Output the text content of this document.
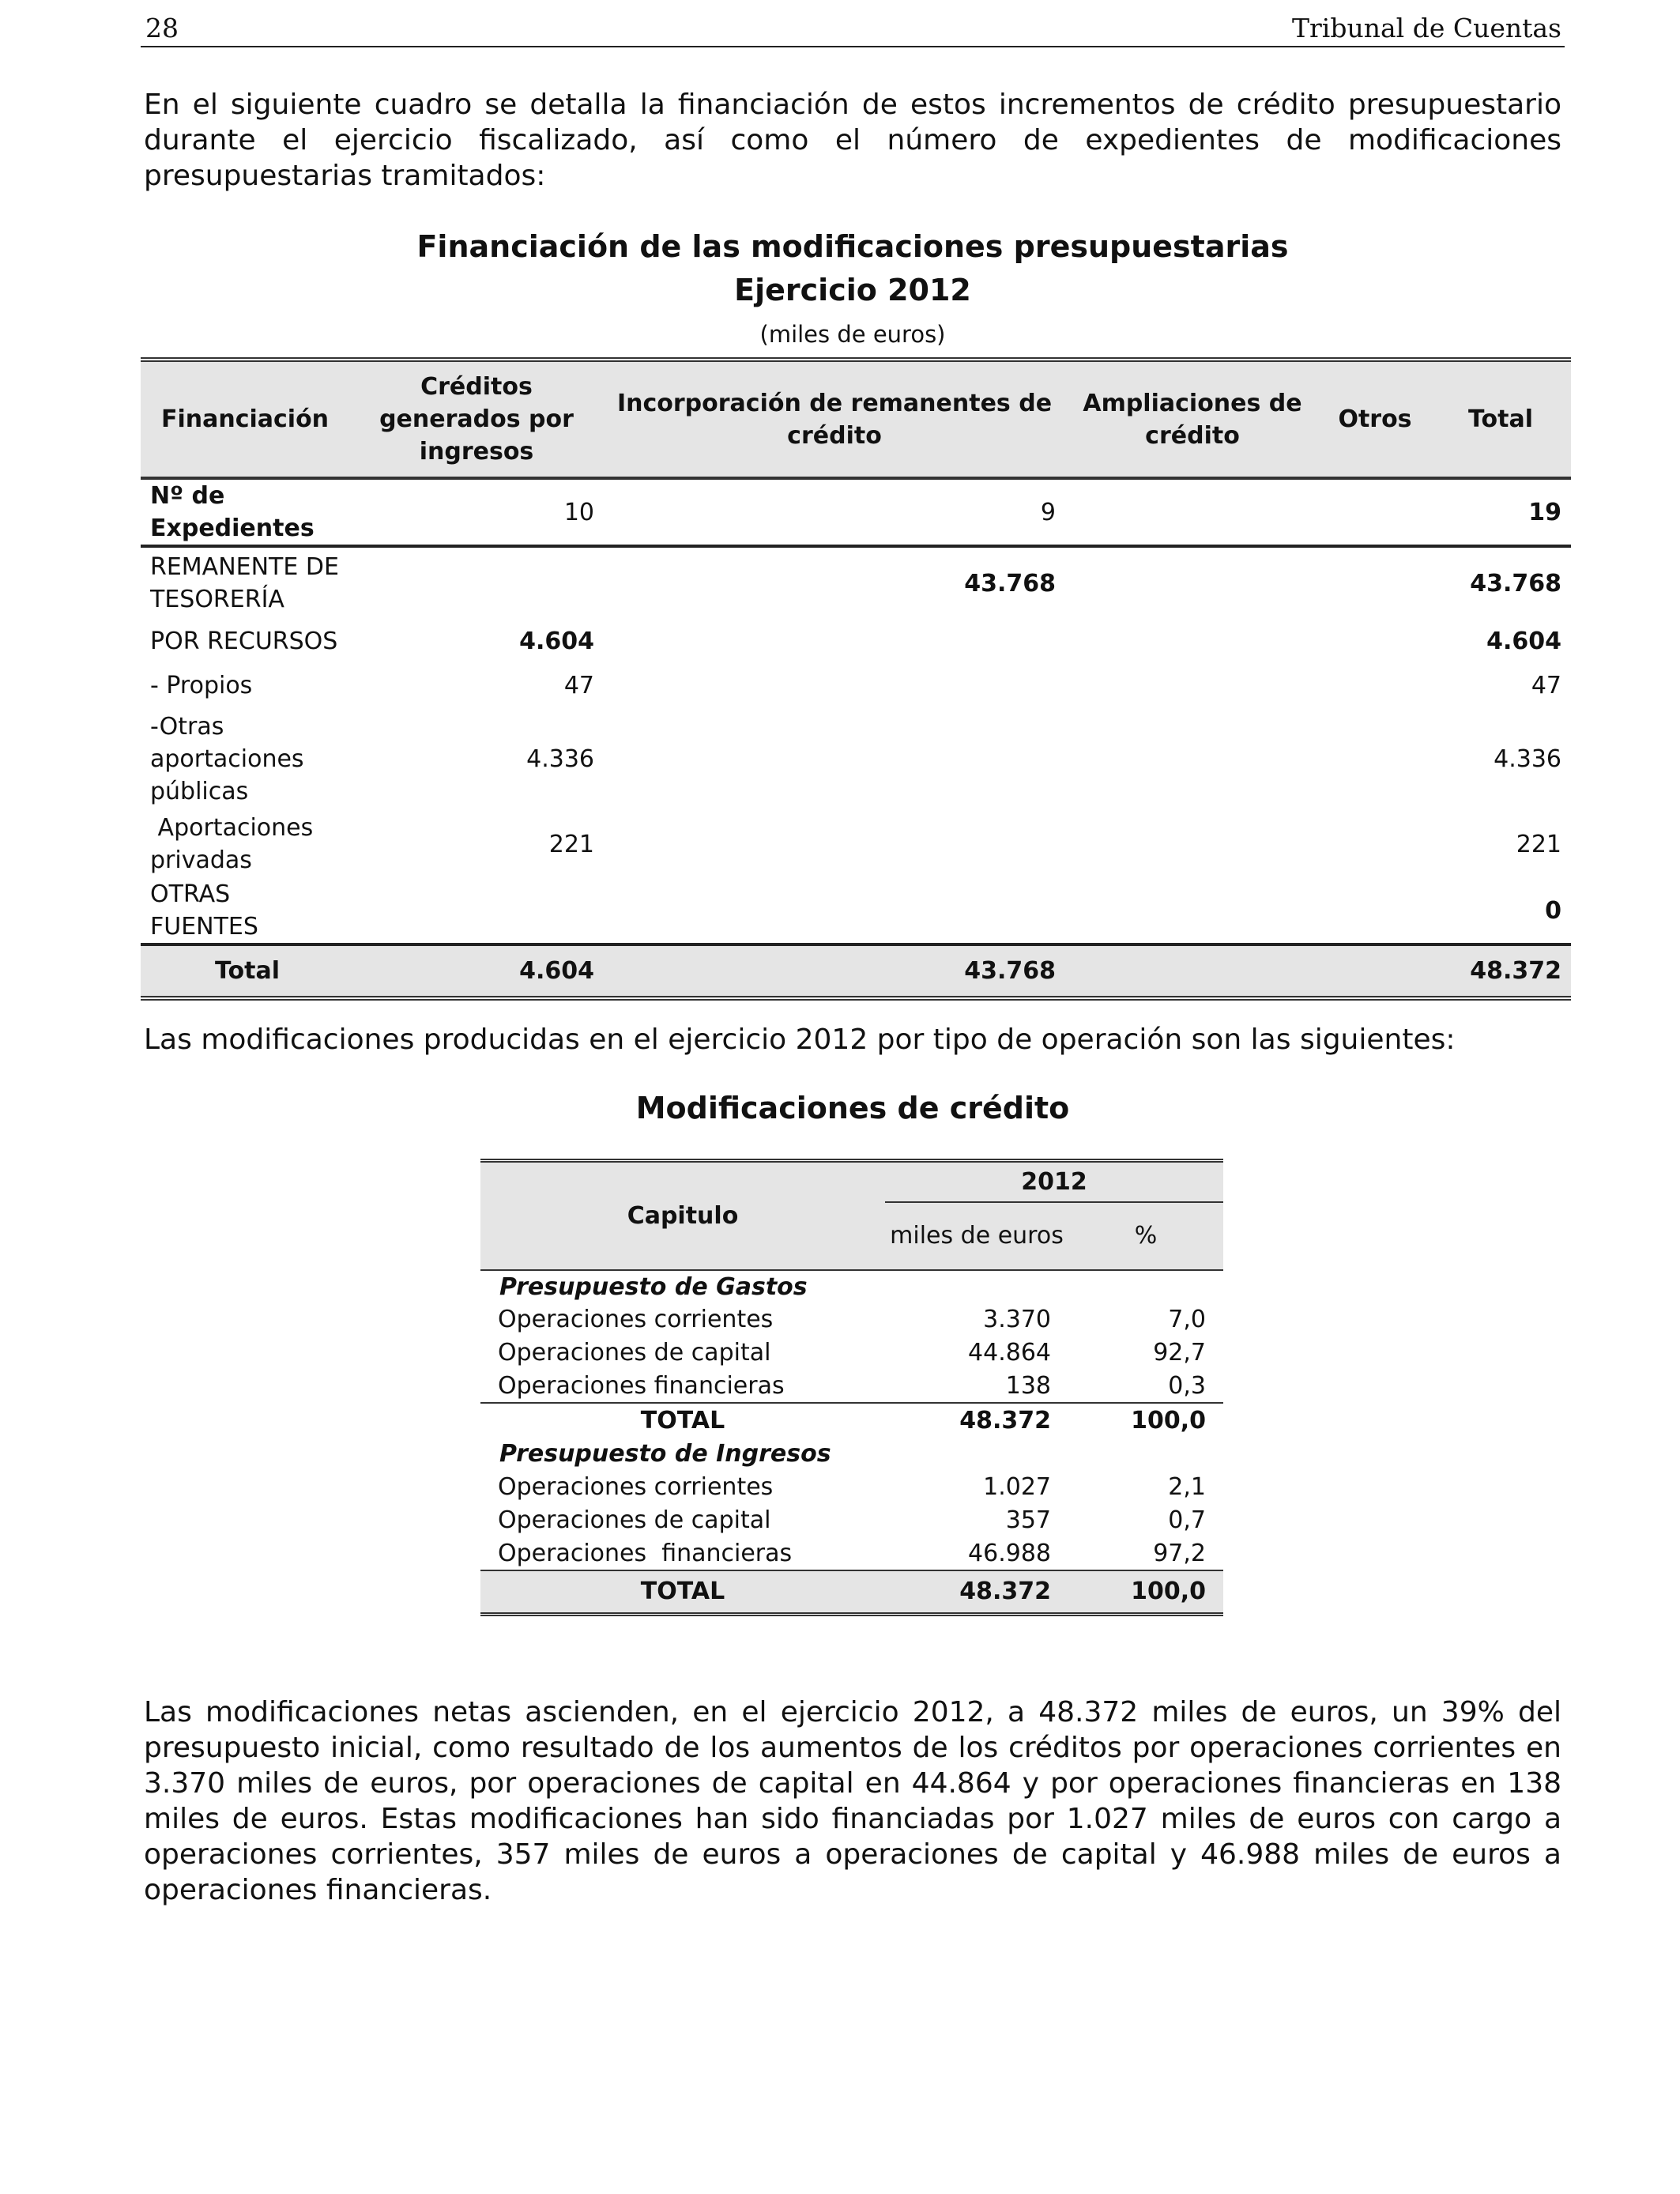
28	Tribunal de Cuentas
En el siguiente cuadro se detalla la financiación de estos incrementos de crédito presupuestario durante el ejercicio fiscalizado, así como el número de expedientes de modificaciones presupuestarias tramitados:
Financiación de las modificaciones presupuestarias
Ejercicio 2012
(miles de euros)
Financiación	Créditos generados por ingresos	Incorporación de remanentes de crédito	Ampliaciones de crédito	Otros	Total
Nº de Expedientes	10	9			19
REMANENTE DE TESORERÍA		43.768			43.768
POR RECURSOS	4.604				4.604
- Propios	47				47
-Otras aportaciones públicas	4.336				4.336
Aportaciones privadas	221				221
OTRAS FUENTES					0
Total	4.604	43.768			48.372
Las modificaciones producidas en el ejercicio 2012 por tipo de operación son las siguientes:
Modificaciones de crédito
Capitulo	2012	
	miles de euros	%
Presupuesto de Gastos		
Operaciones corrientes	3.370	7,0
Operaciones de capital	44.864	92,7
Operaciones financieras	138	0,3
TOTAL	48.372	100,0
Presupuesto de Ingresos		
Operaciones corrientes	1.027	2,1
Operaciones de capital	357	0,7
Operaciones  financieras	46.988	97,2
TOTAL	48.372	100,0
Las modificaciones netas ascienden, en el ejercicio 2012, a 48.372 miles de euros, un 39% del presupuesto inicial, como resultado de los aumentos de los créditos por operaciones corrientes en 3.370 miles de euros, por operaciones de capital en 44.864 y por operaciones financieras en 138 miles de euros. Estas modificaciones han sido financiadas por 1.027 miles de euros con cargo a operaciones corrientes, 357 miles de euros a operaciones de capital y 46.988 miles de euros a operaciones financieras.
